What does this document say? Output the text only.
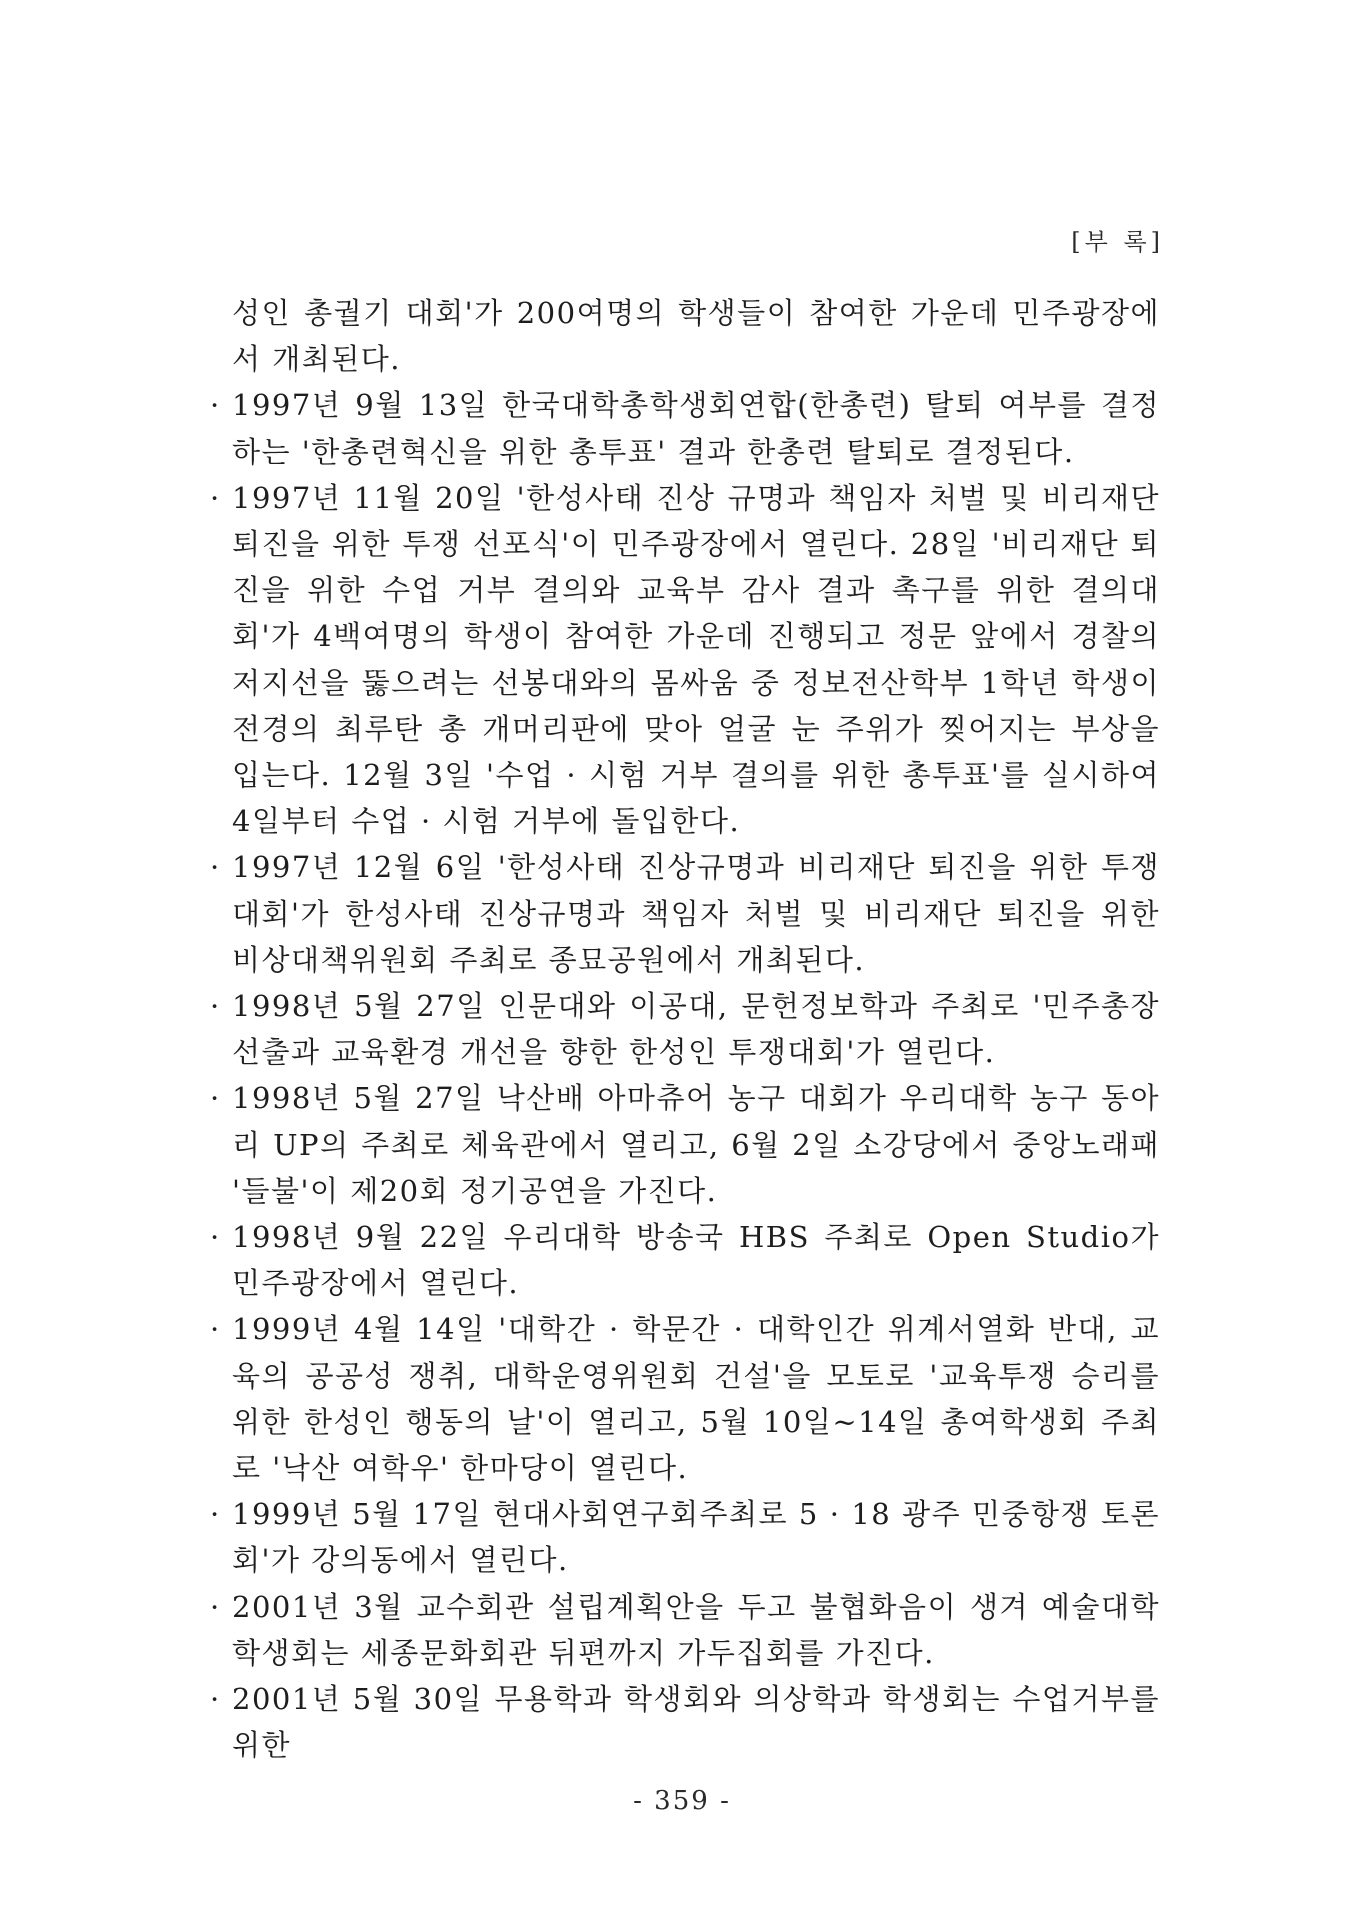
[부 록]

성인 총궐기 대회'가 200여명의 학생들이 참여한 가운데 민주광장에서 개최된다.

· 1997년 9월 13일 한국대학총학생회연합(한총련) 탈퇴 여부를 결정하는 '한총련혁신을 위한 총투표' 결과 한총련 탈퇴로 결정된다.

· 1997년 11월 20일 '한성사태 진상 규명과 책임자 처벌 및 비리재단 퇴진을 위한 투쟁 선포식'이 민주광장에서 열린다. 28일 '비리재단 퇴진을 위한 수업 거부 결의와 교육부 감사 결과 촉구를 위한 결의대회'가 4백여명의 학생이 참여한 가운데 진행되고 정문 앞에서 경찰의 저지선을 뚫으려는 선봉대와의 몸싸움 중 정보전산학부 1학년 학생이 전경의 최루탄 총 개머리판에 맞아 얼굴 눈 주위가 찢어지는 부상을 입는다. 12월 3일 '수업 · 시험 거부 결의를 위한 총투표'를 실시하여 4일부터 수업 · 시험 거부에 돌입한다.

· 1997년 12월 6일 '한성사태 진상규명과 비리재단 퇴진을 위한 투쟁대회'가 한성사태 진상규명과 책임자 처벌 및 비리재단 퇴진을 위한 비상대책위원회 주최로 종묘공원에서 개최된다.

· 1998년 5월 27일 인문대와 이공대, 문헌정보학과 주최로 '민주총장 선출과 교육환경 개선을 향한 한성인 투쟁대회'가 열린다.

· 1998년 5월 27일 낙산배 아마츄어 농구 대회가 우리대학 농구 동아리 UP의 주최로 체육관에서 열리고, 6월 2일 소강당에서 중앙노래패 '들불'이 제20회 정기공연을 가진다.

· 1998년 9월 22일 우리대학 방송국 HBS 주최로 Open Studio가 민주광장에서 열린다.

· 1999년 4월 14일 '대학간 · 학문간 · 대학인간 위계서열화 반대, 교육의 공공성 쟁취, 대학운영위원회 건설'을 모토로 '교육투쟁 승리를 위한 한성인 행동의 날'이 열리고, 5월 10일~14일 총여학생회 주최로 '낙산 여학우' 한마당이 열린다.

· 1999년 5월 17일 현대사회연구회주최로 5 · 18 광주 민중항쟁 토론회'가 강의동에서 열린다.

· 2001년 3월 교수회관 설립계획안을 두고 불협화음이 생겨 예술대학 학생회는 세종문화회관 뒤편까지 가두집회를 가진다.

· 2001년 5월 30일 무용학과 학생회와 의상학과 학생회는 수업거부를 위한

- 359 -
